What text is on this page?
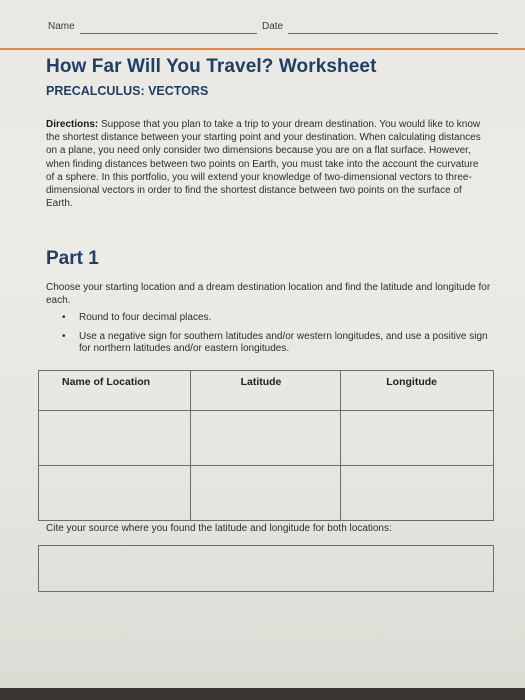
Name	Date
How Far Will You Travel? Worksheet
PRECALCULUS: VECTORS
Directions: Suppose that you plan to take a trip to your dream destination. You would like to know the shortest distance between your starting point and your destination. When calculating distances on a plane, you need only consider two dimensions because you are on a flat surface. However, when finding distances between two points on Earth, you must take into the account the curvature of a sphere. In this portfolio, you will extend your knowledge of two-dimensional vectors to three-dimensional vectors in order to find the shortest distance between two points on the surface of Earth.
Part 1
Choose your starting location and a dream destination location and find the latitude and longitude for each.
• Round to four decimal places.
• Use a negative sign for southern latitudes and/or western longitudes, and use a positive sign for northern latitudes and/or eastern longitudes.
Name of Location	Latitude	Longitude

Cite your source where you found the latitude and longitude for both locations:
